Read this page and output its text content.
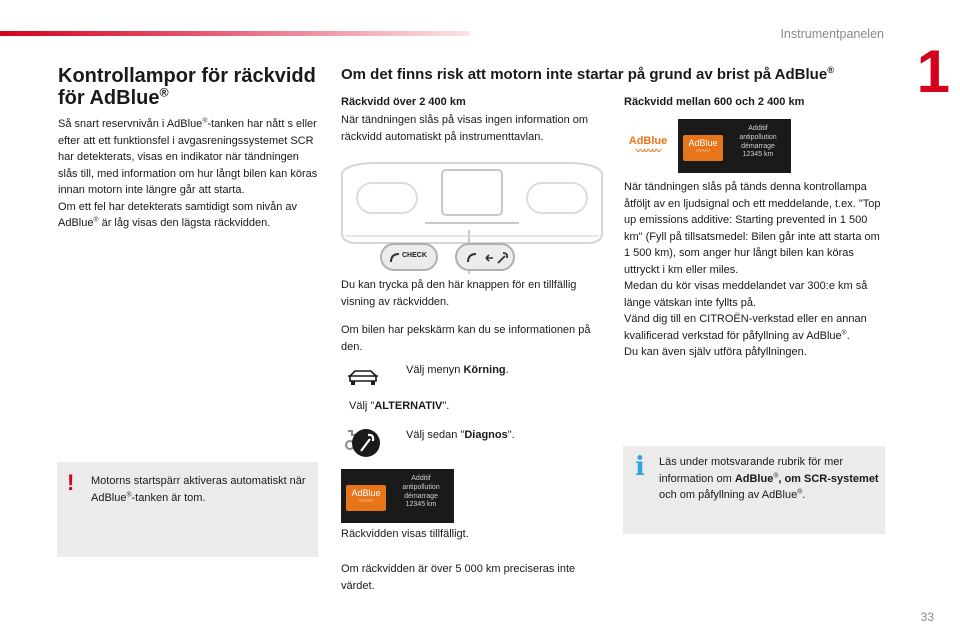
Instrumentpanelen
1
Kontrollampor för räckvidd
för AdBlue®
Så snart reservnivån i AdBlue®-tanken har nått s eller efter att ett funktionsfel i avgasreningssystemet SCR har detekterats, visas en indikator när tändningen slås till, med information om hur långt bilen kan köras innan motorn inte längre går att starta.
Om ett fel har detekterats samtidigt som nivån av AdBlue® är låg visas den lägsta räckvidden.
! Motorns startspärr aktiveras automatiskt när AdBlue®-tanken är tom.
Om det finns risk att motorn inte startar på grund av brist på AdBlue®
Räckvidd över 2 400 km
När tändningen slås på visas ingen information om räckvidd automatiskt på instrumenttavlan.
CHECK
Du kan trycka på den här knappen för en tillfällig visning av räckvidden.
Om bilen har pekskärm kan du se informationen på den.
Välj menyn Körning.
Välj "ALTERNATIV".
Välj sedan "Diagnos".
AdBlue
〰〰
Additif
antipollution
démarrage
12345 km
Räckvidden visas tillfälligt.
Om räckvidden är över 5 000 km preciseras inte värdet.
Räckvidd mellan 600 och 2 400 km
AdBlue
〰〰〰
AdBlue
〰〰
Additif
antipollution
démarrage
12345 km
När tändningen slås på tänds denna kontrollampa åtföljt av en ljudsignal och ett meddelande, t.ex. "Top up emissions additive: Starting prevented in 1 500 km" (Fyll på tillsatsmedel: Bilen går inte att starta om 1 500 km), som anger hur långt bilen kan köras uttryckt i km eller miles.
Medan du kör visas meddelandet var 300:e km så länge vätskan inte fyllts på.
Vänd dig till en CITROËN-verkstad eller en annan kvalificerad verkstad för påfyllning av AdBlue®.
Du kan även själv utföra påfyllningen.
i Läs under motsvarande rubrik för mer information om AdBlue®, om SCR-systemet och om påfyllning av AdBlue®.
33
